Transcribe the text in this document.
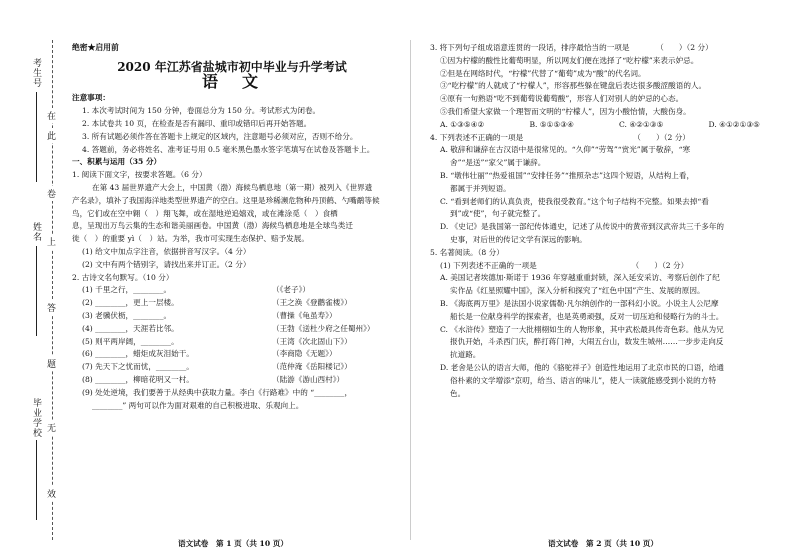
考生号
姓名
毕业学校
在
此
卷
上
答
题
无
效

绝密★启用前

2020 年江苏省盐城市初中毕业与升学考试

语文

注意事项：

1. 本次考试时间为 150 分钟，卷面总分为 150 分。考试形式为闭卷。

2. 本试卷共 10 页，在检查是否有漏印、重印或错印后再开始答题。

3. 所有试题必须作答在答题卡上规定的区域内，注意题号必须对应，否则不给分。

4. 答题前，务必将姓名、准考证号用 0.5 毫米黑色墨水签字笔填写在试卷及答题卡上。

一、积累与运用（35 分）

1. 阅读下面文字，按要求答题。（6 分）

在第 43 届世界遗产大会上，中国黄（渤）海候鸟栖息地（第一期）被列入《世界遗

产名录》，填补了我国海洋地类型世界遗产的空白。这里是珍稀濒危物种丹顶鹤、勺嘴鹬等候

鸟，它们或在空中翱（　）翔飞舞，或在湿地逆追嬉戏，或在滩涂觅（　）食栖

息，呈现出万鸟云集的生态和谐美丽画卷。中国黄（渤）海候鸟栖息地是全球鸟类迁

徙（　）的重要 yì（　）站。为举，我市可实现生态保护、赔予发展。

(1) 给文中加点字注音，依据拼音写汉字。（4 分）

(2) 文中有两个错别字，请找出来并订正。（2 分）

2. 古诗文名句默写。（10 分）

(1) 千里之行，________。	（《老子》）
(2) ________，更上一层楼。	（王之涣《登鹳雀楼》）
(3) 老骥伏枥，________。	（曹操《龟虽寿》）
(4) ________，天涯若比邻。	（王勃《送杜少府之任蜀州》）
(5) 则平两岸阔，________。	（王湾《次北固山下》）
(6) ________，蜡炬成灰泪始干。	（李商隐《无题》）
(7) 先天下之忧而忧，________。	（范仲淹《岳阳楼记》）
(8) ________，柳暗花明又一村。	（陆游《游山西村》）

(9) 处处逆境，我们要善于从经典中获取力量。李白《行路难》中的 “________，

________” 两句可以作为面对艰难的自己积极进取、乐观向上。

语文试卷　第 1 页（共 10 页）

3. 将下列句子组成语意连贯的一段话，排序最恰当的一项是　　　　（　　）（2 分）

①因为柠檬的酸性比葡萄明显，所以网友们便在选择了“吃柠檬”来表示妒忌。

②但是在网络时代，“柠檬”代替了“葡萄”成为“酸”的代名词。

③“吃柠檬”的人就成了“柠檬人”，形容那些躲在键盘后表达很多酸涩酸语的人。

④原有一句熟语“吃不到葡萄说葡萄酸”，形容人们对别人的妒忌的心态。

⑤我们希望大家做一个理智而文明的“柠檬人”，因为小酸怡情，大酸伤身。

A. ①③⑤④②	B. ⑤①⑤③④	C. ④②①③⑤	D. ④①②①③⑤

4. 下列表述不正确的一项是　　　　　　　　　　　　　　　（　　）（2 分）

A. 敬辞和谦辞在古汉语中是很常见的。“久仰”“劳驾”“赏光”属于敬辞，“寒

　 舍”“是送”“家父”属于谦辞。

B. “墩伟壮丽”“热爱祖国”“安排任务”“推照杂志”这四个短语，从结构上看，

　 都属于并列短语。

C. “看到老师们的认真负责，使我很受教育。”这个句子结构不完整。如果去掉“看

　 到”或“使”，句子就完整了。

D. 《史记》是我国第一部纪传体通史，记述了从传说中的黄帝到汉武帝共三千多年的

　 史事，对后世的传记文学有深远的影响。

5. 名著阅读。（8 分）

(1) 下列表述不正确的一项是　　　　　　　　　　　　　（　　）（2 分）

A. 美国记者埃德加·斯诺于 1936 年穿越重重封锁，深入延安采访、考察后创作了纪

　 实作品《红星照耀中国》，深入分析和探究了“红色中国”产生、发展的原因。

B. 《海底两万里》是法国小说家儒勒·凡尔纳创作的一部科幻小说。小说主人公尼摩

　 船长是一位献身科学的探索者，也是英勇顽强，反对一切压迫和侵略行为的斗士。

C. 《水浒传》塑造了一大批栩栩如生的人物形象，其中武松最具传奇色彩。他从为兄

　 报仇开始，斗杀西门庆，醉打蒋门神，大闹五台山，数发生城州……一步步走向反

　 抗道路。

D. 老舍是公认的语言大师，他的《骆驼祥子》创造性地运用了北京市民的口语，给通

　 俗朴素的文学增添“京叨，给当、语言的味儿”，使人一读就能感受到小说的方特

　 色。

语文试卷　第 2 页（共 10 页）
